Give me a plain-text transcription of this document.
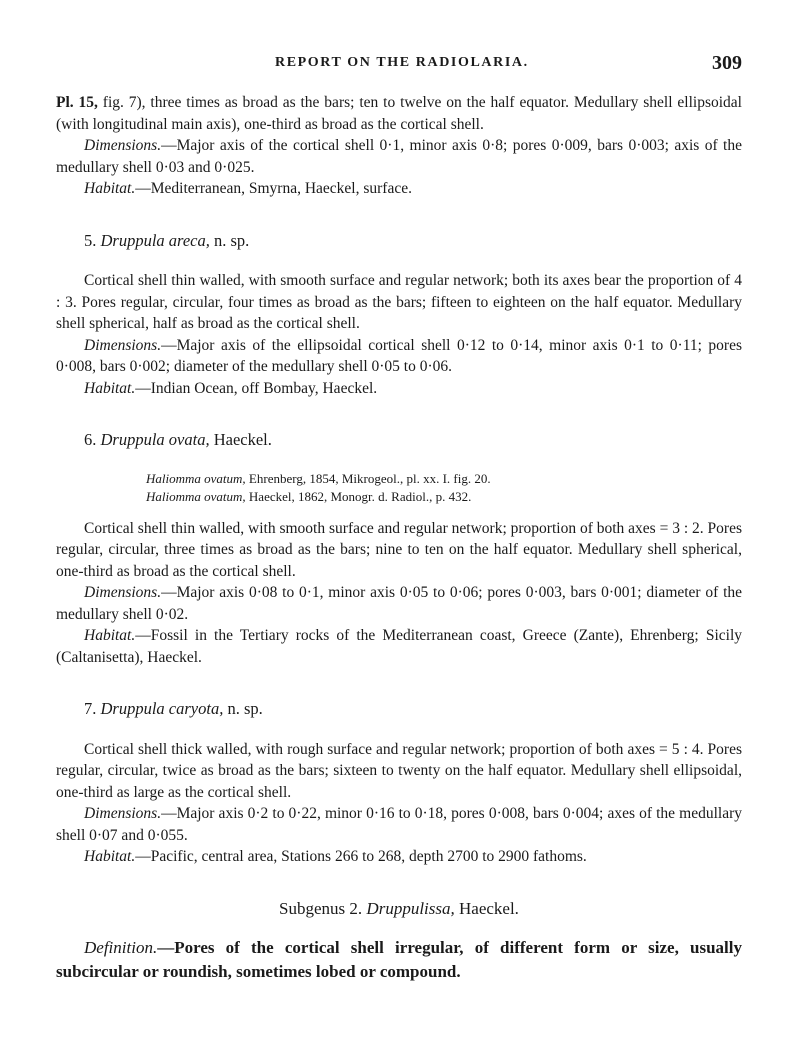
REPORT ON THE RADIOLARIA.	309

Pl. 15, fig. 7), three times as broad as the bars; ten to twelve on the half equator. Medullary shell ellipsoidal (with longitudinal main axis), one-third as broad as the cortical shell.

Dimensions.—Major axis of the cortical shell 0·1, minor axis 0·8; pores 0·009, bars 0·003; axis of the medullary shell 0·03 and 0·025.

Habitat.—Mediterranean, Smyrna, Haeckel, surface.

5. Druppula areca, n. sp.

Cortical shell thin walled, with smooth surface and regular network; both its axes bear the proportion of 4 : 3. Pores regular, circular, four times as broad as the bars; fifteen to eighteen on the half equator. Medullary shell spherical, half as broad as the cortical shell.

Dimensions.—Major axis of the ellipsoidal cortical shell 0·12 to 0·14, minor axis 0·1 to 0·11; pores 0·008, bars 0·002; diameter of the medullary shell 0·05 to 0·06.

Habitat.—Indian Ocean, off Bombay, Haeckel.

6. Druppula ovata, Haeckel.
Haliomma ovatum, Ehrenberg, 1854, Mikrogeol., pl. xx. I. fig. 20.
Haliomma ovatum, Haeckel, 1862, Monogr. d. Radiol., p. 432.

Cortical shell thin walled, with smooth surface and regular network; proportion of both axes = 3 : 2. Pores regular, circular, three times as broad as the bars; nine to ten on the half equator. Medullary shell spherical, one-third as broad as the cortical shell.

Dimensions.—Major axis 0·08 to 0·1, minor axis 0·05 to 0·06; pores 0·003, bars 0·001; diameter of the medullary shell 0·02.

Habitat.—Fossil in the Tertiary rocks of the Mediterranean coast, Greece (Zante), Ehrenberg; Sicily (Caltanisetta), Haeckel.

7. Druppula caryota, n. sp.

Cortical shell thick walled, with rough surface and regular network; proportion of both axes = 5 : 4. Pores regular, circular, twice as broad as the bars; sixteen to twenty on the half equator. Medullary shell ellipsoidal, one-third as large as the cortical shell.

Dimensions.—Major axis 0·2 to 0·22, minor 0·16 to 0·18, pores 0·008, bars 0·004; axes of the medullary shell 0·07 and 0·055.

Habitat.—Pacific, central area, Stations 266 to 268, depth 2700 to 2900 fathoms.

Subgenus 2. Druppulissa, Haeckel.

Definition.—Pores of the cortical shell irregular, of different form or size, usually subcircular or roundish, sometimes lobed or compound.
